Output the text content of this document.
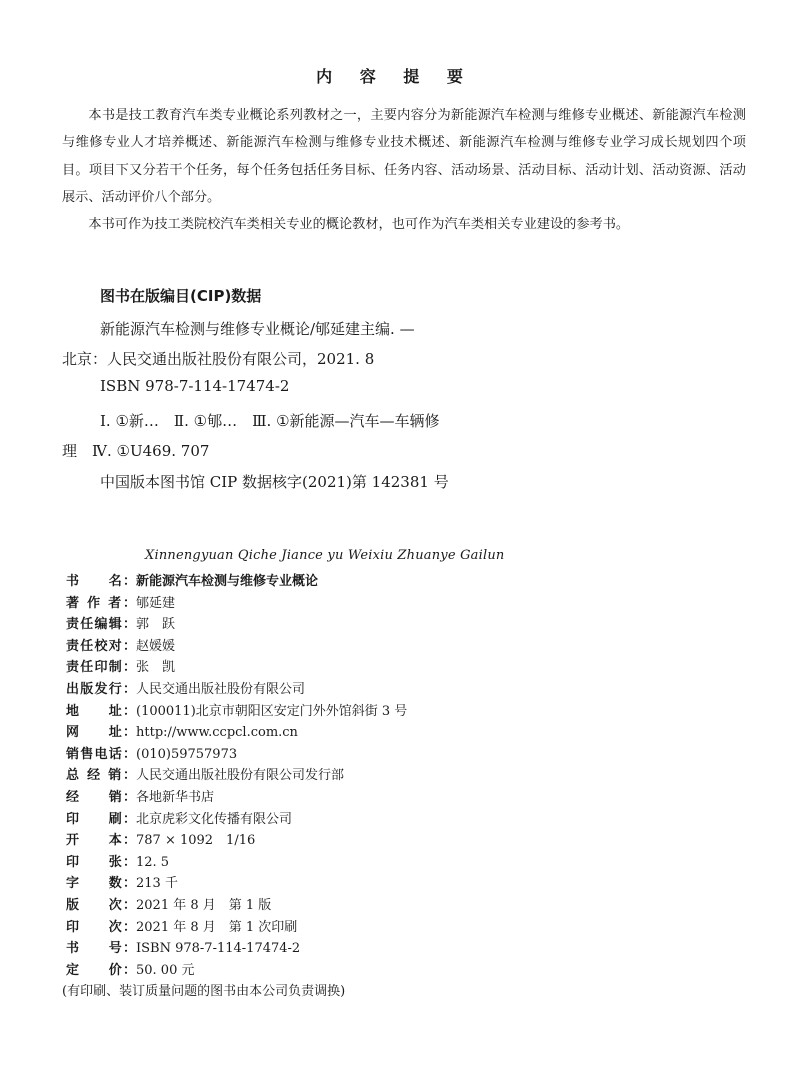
内 容 提 要

本书是技工教育汽车类专业概论系列教材之一，主要内容分为新能源汽车检测与维修专业概述、新能源汽车检测与维修专业人才培养概述、新能源汽车检测与维修专业技术概述、新能源汽车检测与维修专业学习成长规划四个项目。项目下又分若干个任务，每个任务包括任务目标、任务内容、活动场景、活动目标、活动计划、活动资源、活动展示、活动评价八个部分。

本书可作为技工类院校汽车类相关专业的概论教材，也可作为汽车类相关专业建设的参考书。

图书在版编目(CIP)数据
新能源汽车检测与维修专业概论/郇延建主编. —
北京：人民交通出版社股份有限公司，2021. 8
ISBN 978-7-114-17474-2
Ⅰ. ①新…　Ⅱ. ①郇…　Ⅲ. ①新能源—汽车—车辆修
理　Ⅳ. ①U469. 707
中国版本图书馆 CIP 数据核字(2021)第 142381 号
Xinnengyuan Qiche Jiance yu Weixiu Zhuanye Gailun
书　　名： 新能源汽车检测与维修专业概论
著 作 者： 郇延建
责任编辑： 郭　跃
责任校对： 赵媛媛
责任印制： 张　凯
出版发行： 人民交通出版社股份有限公司
地　　址： (100011)北京市朝阳区安定门外外馆斜街 3 号
网　　址： http://www.ccpcl.com.cn
销售电话： (010)59757973
总 经 销： 人民交通出版社股份有限公司发行部
经　　销： 各地新华书店
印　　刷： 北京虎彩文化传播有限公司
开　　本： 787 × 1092　1/16
印　　张： 12. 5
字　　数： 213 千
版　　次： 2021 年 8 月　第 1 版
印　　次： 2021 年 8 月　第 1 次印刷
书　　号： ISBN 978-7-114-17474-2
定　　价： 50. 00 元
(有印刷、装订质量问题的图书由本公司负责调换)
